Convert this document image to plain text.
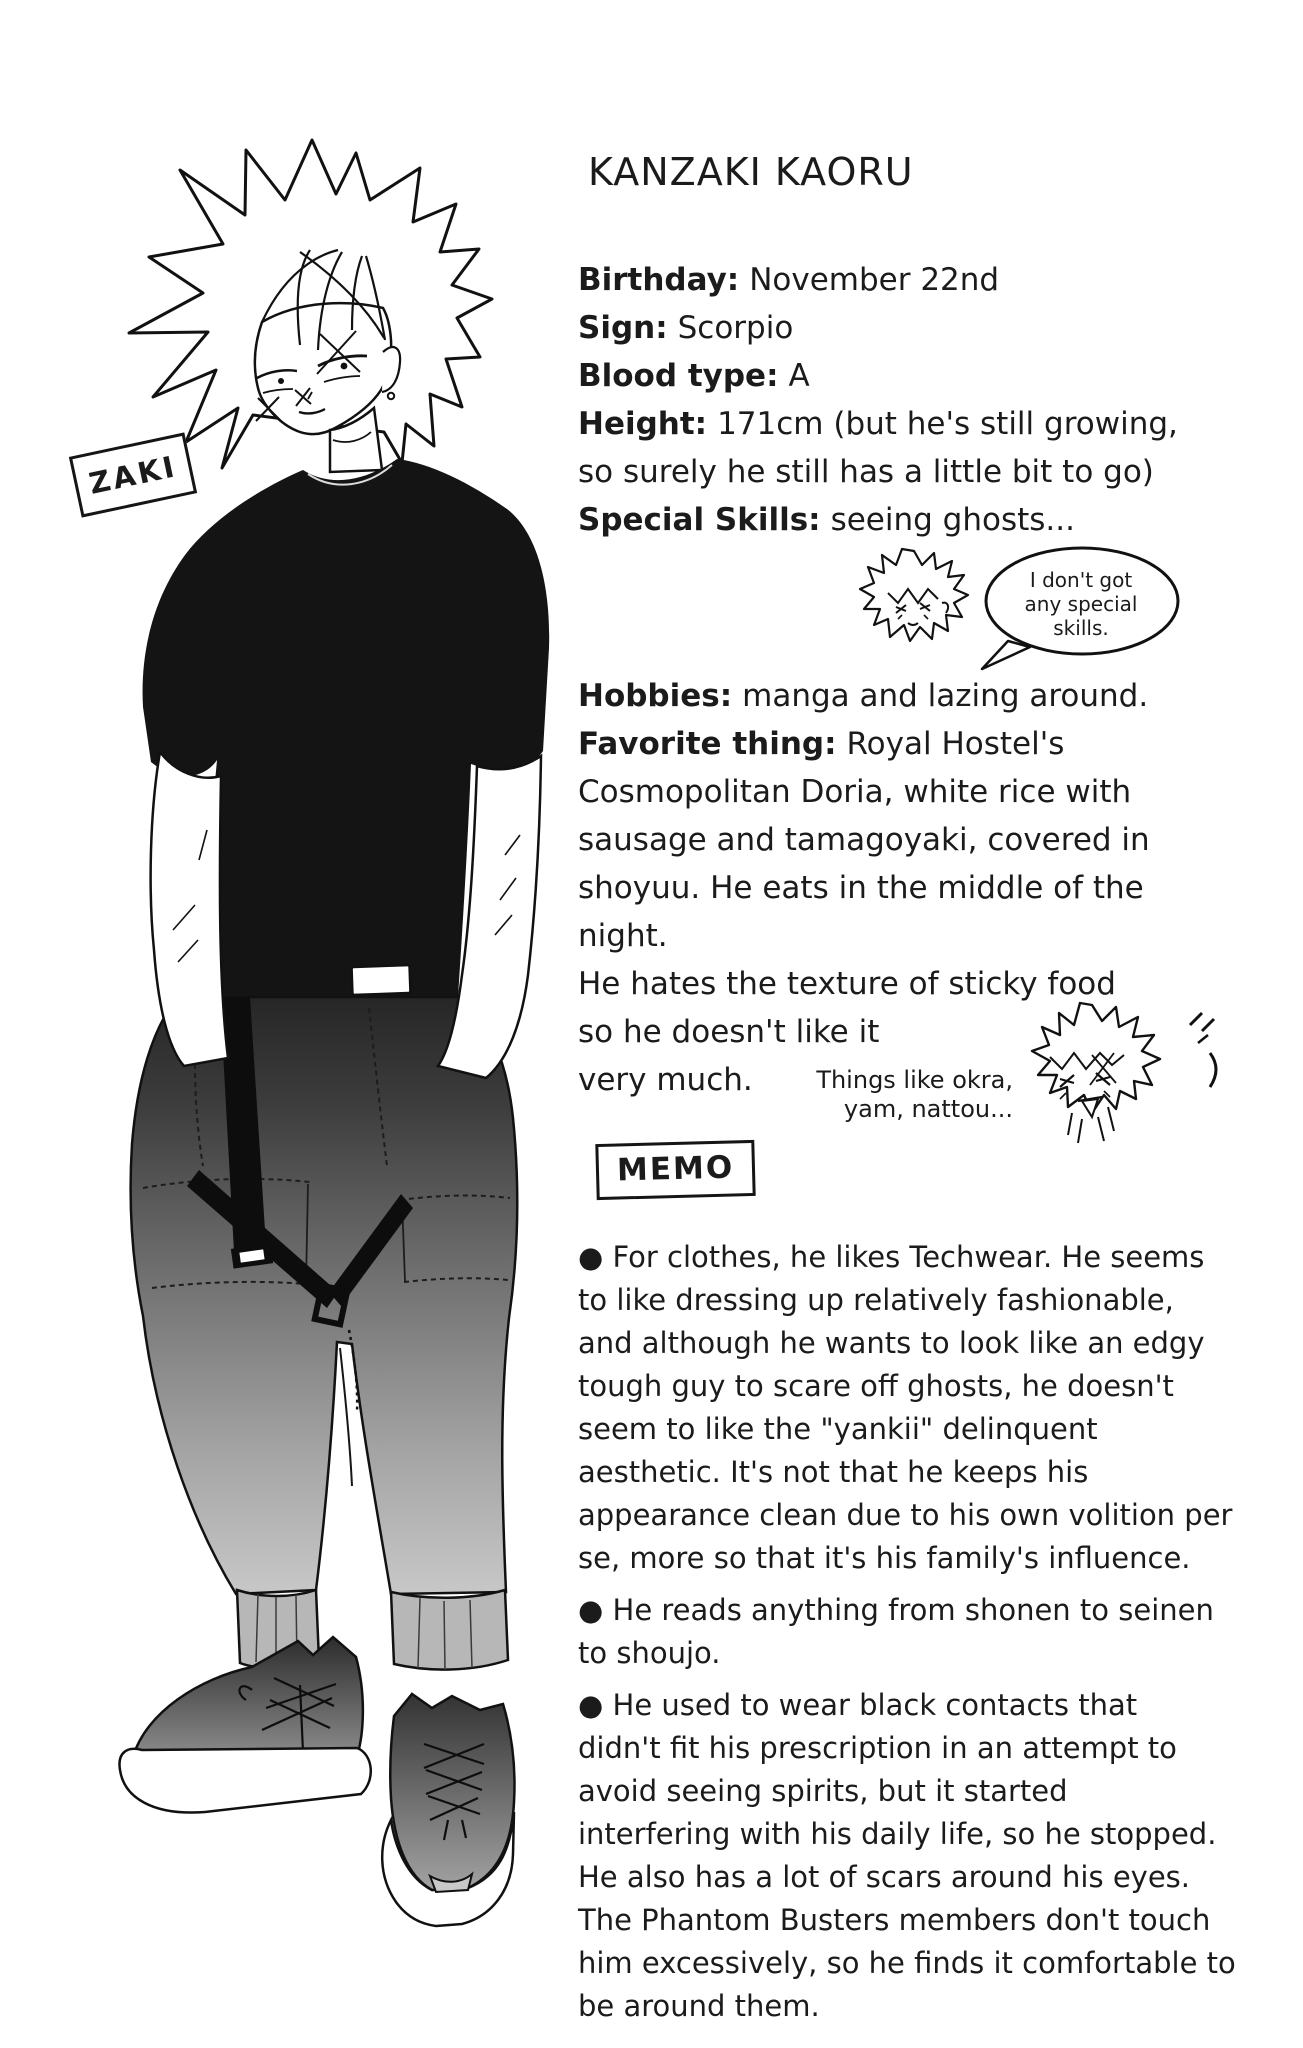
ZAKI
KANZAKI KAORU
Birthday: November 22nd
Sign: Scorpio
Blood type: A
Height: 171cm (but he's still growing,
so surely he still has a little bit to go)
Special Skills: seeing ghosts...
I don't got
any special
skills.
Hobbies: manga and lazing around.
Favorite thing: Royal Hostel's
Cosmopolitan Doria, white rice with
sausage and tamagoyaki, covered in
shoyuu. He eats in the middle of the
night.
He hates the texture of sticky food
so he doesn't like it
very much.	Things like okra,
yam, nattou...
MEMO
● For clothes, he likes Techwear. He seems
to like dressing up relatively fashionable,
and although he wants to look like an edgy
tough guy to scare off ghosts, he doesn't
seem to like the "yankii" delinquent
aesthetic. It's not that he keeps his
appearance clean due to his own volition per
se, more so that it's his family's influence.
● He reads anything from shonen to seinen
to shoujo.
● He used to wear black contacts that
didn't fit his prescription in an attempt to
avoid seeing spirits, but it started
interfering with his daily life, so he stopped.
He also has a lot of scars around his eyes.
The Phantom Busters members don't touch
him excessively, so he finds it comfortable to
be around them.
